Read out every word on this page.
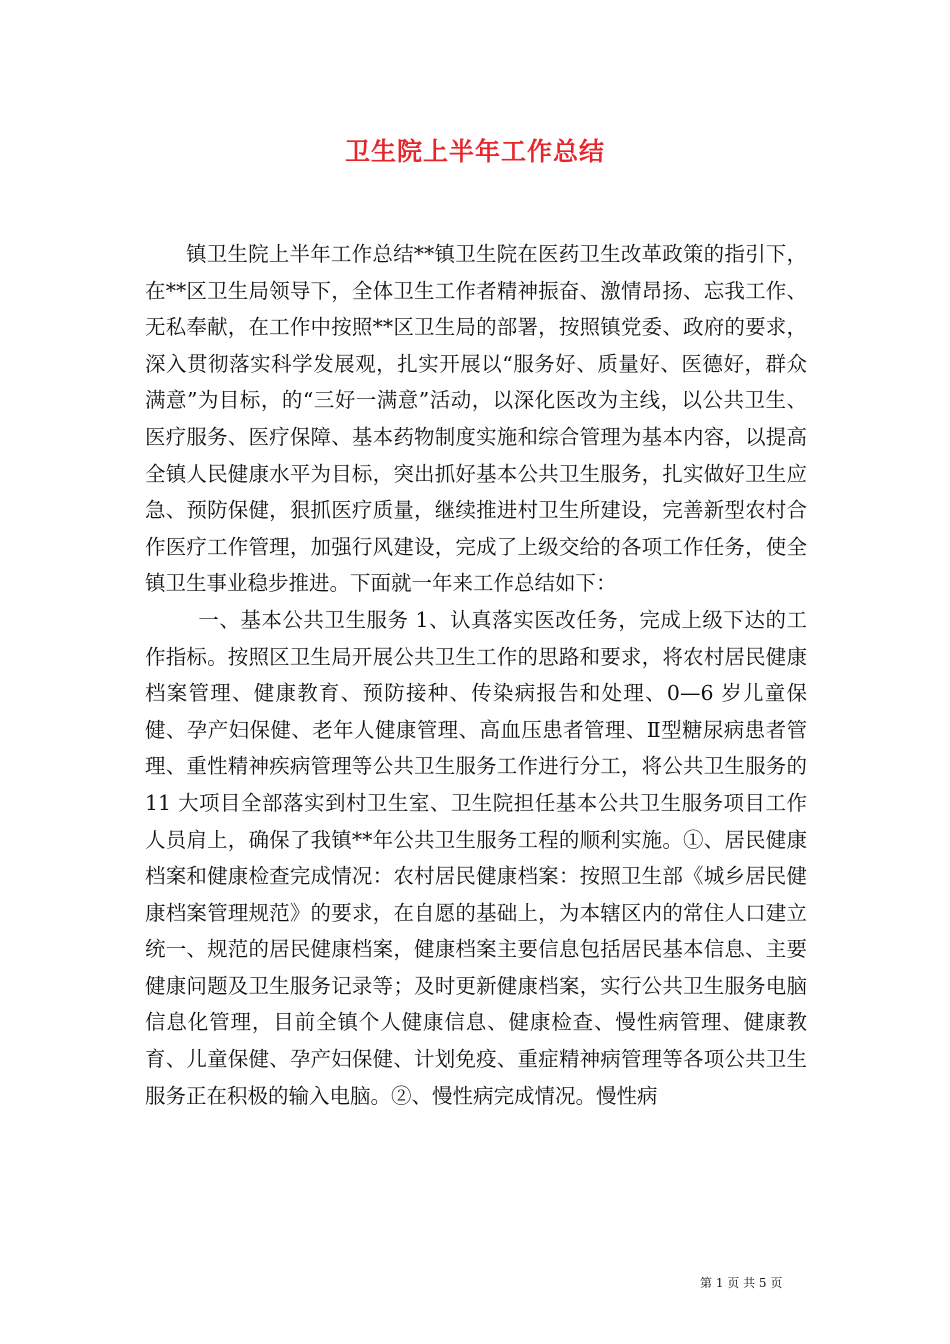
卫生院上半年工作总结

镇卫生院上半年工作总结**镇卫生院在医药卫生改革政策的指引下，在**区卫生局领导下，全体卫生工作者精神振奋、激情昂扬、忘我工作、无私奉献，在工作中按照**区卫生局的部署，按照镇党委、政府的要求，深入贯彻落实科学发展观，扎实开展以“服务好、质量好、医德好，群众满意”为目标，的“三好一满意”活动，以深化医改为主线，以公共卫生、医疗服务、医疗保障、基本药物制度实施和综合管理为基本内容，以提高全镇人民健康水平为目标，突出抓好基本公共卫生服务，扎实做好卫生应急、预防保健，狠抓医疗质量，继续推进村卫生所建设，完善新型农村合作医疗工作管理，加强行风建设，完成了上级交给的各项工作任务，使全镇卫生事业稳步推进。下面就一年来工作总结如下：

一、基本公共卫生服务 1、认真落实医改任务，完成上级下达的工作指标。按照区卫生局开展公共卫生工作的思路和要求，将农村居民健康档案管理、健康教育、预防接种、传染病报告和处理、0—6 岁儿童保健、孕产妇保健、老年人健康管理、高血压患者管理、Ⅱ型糖尿病患者管理、重性精神疾病管理等公共卫生服务工作进行分工，将公共卫生服务的 11 大项目全部落实到村卫生室、卫生院担任基本公共卫生服务项目工作人员肩上，确保了我镇**年公共卫生服务工程的顺利实施。①、居民健康档案和健康检查完成情况：农村居民健康档案：按照卫生部《城乡居民健康档案管理规范》的要求，在自愿的基础上，为本辖区内的常住人口建立统一、规范的居民健康档案，健康档案主要信息包括居民基本信息、主要健康问题及卫生服务记录等；及时更新健康档案，实行公共卫生服务电脑信息化管理，目前全镇个人健康信息、健康检查、慢性病管理、健康教育、儿童保健、孕产妇保健、计划免疫、重症精神病管理等各项公共卫生服务正在积极的输入电脑。②、慢性病完成情况。慢性病

第 1 页 共 5 页
